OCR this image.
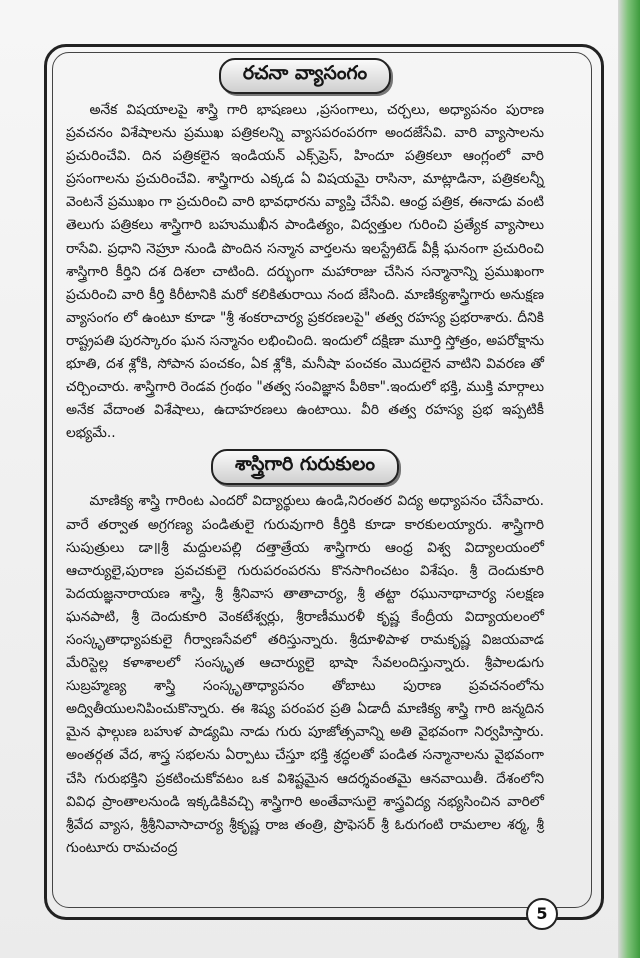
రచనా వ్యాసంగం

అనేక విషయాలపై శాస్త్రి గారి భాషణలు ,ప్రసంగాలు, చర్చలు, అధ్యాపనం పురాణ ప్రవచనం విశేషాలను ప్రముఖ పత్రికలన్ని వ్యాసపరంపరగా అందజేసేవి. వారి వ్యాసాలను ప్రచురించేవి. దిన పత్రికలైన ఇండియన్ ఎక్స్‌ప్రెస్, హిందూ పత్రికలూ ఆంగ్లంలో వారి ప్రసంగాలను ప్రచురించేవి. శాస్త్రిగారు ఎక్కడ ఏ విషయమై రాసినా, మాట్లాడినా, పత్రికలన్నీ వెంటనే ప్రముఖం గా ప్రచురించి వారి భావధారను వ్యాప్తి చేసేవి. ఆంధ్ర పత్రిక, ఈనాడు వంటి తెలుగు పత్రికలు శాస్త్రిగారి బహుముఖీన పాండిత్యం, విద్వత్తుల గురించి ప్రత్యేక వ్యాసాలు రాసేవి. ప్రధాని నెహ్రూ నుండి పొందిన సన్మాన వార్తలను ఇలస్ట్రేటెడ్ వీక్లీ ఘనంగా ప్రచురించి శాస్త్రిగారి కీర్తిని దశ దిశలా చాటింది. దర్భుంగా మహారాజు చేసిన సన్మానాన్ని ప్రముఖంగా ప్రచురించి వారి కీర్తి కిరీటానికి మరో కలికితురాయి నంద జేసింది. మాణిక్యశాస్త్రిగారు అనుక్షణ వ్యాసంగం లో ఉంటూ కూడా "శ్రీ శంకరాచార్య ప్రకరణలపై" తత్వ రహస్య ప్రభరాశారు. దీనికి రాష్ట్రపతి పురస్కారం ఘన సన్మానం లభించింది. ఇందులో దక్షిణా మూర్తి స్తోత్రం, అపరోక్షాను భూతి, దశ శ్లోకి, సోపాన పంచకం, ఏక శ్లోకి, మనీషా పంచకం మొదలైన వాటిని వివరణ తో చర్చించారు. శాస్త్రిగారి రెండవ గ్రంథం "తత్వ సంవిజ్ఞాన పీఠికా".ఇందులో భక్తి, ముక్తి మార్గాలు అనేక వేదాంత విశేషాలు, ఉదాహరణలు ఉంటాయి. వీరి తత్వ రహస్య ప్రభ ఇప్పటికీ లభ్యమే..

శాస్త్రిగారి గురుకులం

మాణిక్య శాస్త్రి గారింట ఎందరో విద్యార్థులు ఉండి,నిరంతర విద్య అధ్యాపనం చేసేవారు. వారే తర్వాత అగ్రగణ్య పండితులై గురువుగారి కీర్తికి కూడా కారకులయ్యారు. శాస్త్రిగారి సుపుత్రులు డా॥శ్రీ మద్దులపల్లి దత్తాత్రేయ శాస్త్రిగారు ఆంధ్ర విశ్వ విద్యాలయంలో ఆచార్యులై,పురాణ ప్రవచకులై గురుపరంపరను కొనసాగించటం విశేషం. శ్రీ దెందుకూరి పెదయజ్ఞనారాయణ శాస్త్రి, శ్రీ శ్రీనివాస తాతాచార్య, శ్రీ తట్టా రఘునాథాచార్య సలక్షణ ఘనపాటి, శ్రీ దెందుకూరి వెంకటేశ్వర్లు, శ్రీరాణీమురళీ కృష్ణ కేంద్రీయ విద్యాయలంలో సంస్కృతాధ్యాపకులై గీర్వాణసేవలో తరిస్తున్నారు. శ్రీదూళిపాళ రామకృష్ణ విజయవాడ మేరిస్టెల్ల కళాశాలలో సంస్కృత ఆచార్యులై భాషా సేవలందిస్తున్నారు. శ్రీపాలడుగు సుబ్రహ్మణ్య శాస్త్రి సంస్కృతాధ్యాపనం తోబాటు పురాణ ప్రవచనంలోను అద్వితీయులనిపించుకొన్నారు. ఈ శిష్య పరంపర ప్రతి ఏడాదీ మాణిక్య శాస్త్రి గారి జన్మదిన మైన ఫాల్గుణ బహుళ పాడ్యమి నాడు గురు పూజోత్సవాన్ని అతి వైభవంగా నిర్వహిస్తారు. అంతర్గత వేద, శాస్త్ర సభలను ఏర్పాటు చేస్తూ భక్తి శ్రద్ధలతో పండిత సన్మానాలను వైభవంగా చేసి గురుభక్తిని ప్రకటించుకోవటం ఒక విశిష్టమైన ఆదర్శవంతమై ఆనవాయితీ. దేశంలోని వివిధ ప్రాంతాలనుండి ఇక్కడికివచ్చి శాస్త్రిగారి అంతేవాసులై శాస్త్రవిద్య నభ్యసించిన వారిలో శ్రీవేద వ్యాస, శ్రీశ్రీనివాసాచార్య శ్రీకృష్ణ రాజ తంత్రి, ప్రొఫెసర్ శ్రీ ఓరుగంటి రామలాల శర్మ, శ్రీ గుంటూరు రామచంద్ర

5
